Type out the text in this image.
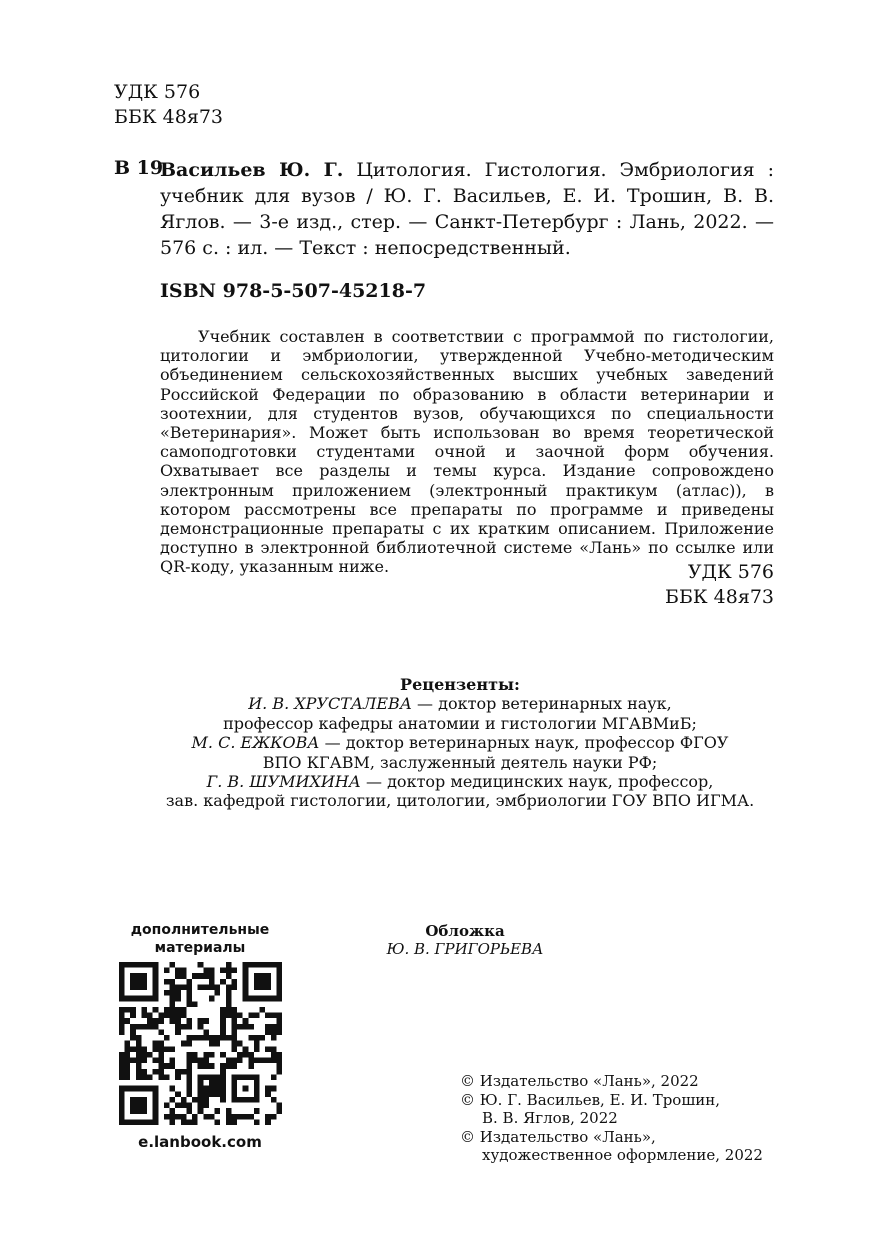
УДК 576
ББК 48я73
В 19
Васильев Ю. Г. Цитология. Гистология. Эмбриология : учебник для вузов / Ю. Г. Васильев, Е. И. Трошин, В. В. Яглов. — 3-е изд., стер. — Санкт-Петербург : Лань, 2022. — 576 с. : ил. — Текст : непосредственный.
ISBN 978-5-507-45218-7
Учебник составлен в соответствии с программой по гистологии, цитологии и эмбриологии, утвержденной Учебно-методическим объединением сельскохозяйственных высших учебных заведений Российской Федерации по образованию в области ветеринарии и зоотехнии, для студентов вузов, обучающихся по специальности «Ветеринария». Может быть использован во время теоретической самоподготовки студентами очной и заочной форм обучения. Охватывает все разделы и темы курса. Издание сопровождено электронным приложением (электронный практикум (атлас)), в котором рассмотрены все препараты по программе и приведены демонстрационные препараты с их кратким описанием. Приложение доступно в электронной библиотечной системе «Лань» по ссылке или QR-коду, указанным ниже.	УДК 576
ББК 48я73
Рецензенты:
И. В. ХРУСТАЛЕВА — доктор ветеринарных наук,
профессор кафедры анатомии и гистологии МГАВМиБ;
М. С. ЕЖКОВА — доктор ветеринарных наук, профессор ФГОУ
ВПО КГАВМ, заслуженный деятель науки РФ;
Г. В. ШУМИХИНА — доктор медицинских наук, профессор,
зав. кафедрой гистологии, цитологии, эмбриологии ГОУ ВПО ИГМА.
дополнительные
материалы
e.lanbook.com
Обложка
Ю. В. ГРИГОРЬЕВА
© Издательство «Лань», 2022
© Ю. Г. Васильев, Е. И. Трошин,
В. В. Яглов, 2022
© Издательство «Лань»,
художественное оформление, 2022
